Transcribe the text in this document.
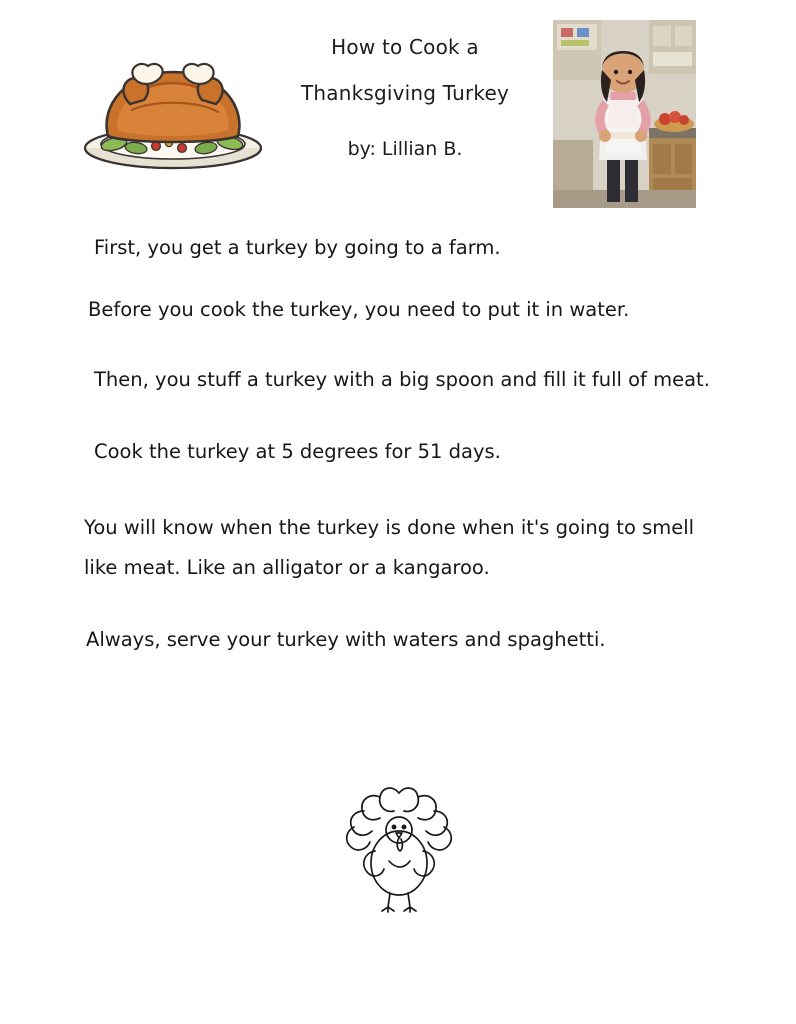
How to Cook a
Thanksgiving Turkey
by: Lillian B.

First, you get a turkey by going to a farm.

Before you cook the turkey, you need to put it in water.

Then, you stuff a turkey with a big spoon and fill it full of meat.

Cook the turkey at 5 degrees for 51 days.

You will know when the turkey is done when it's going to smell like meat. Like an alligator or a kangaroo.

Always, serve your turkey with waters and spaghetti.
